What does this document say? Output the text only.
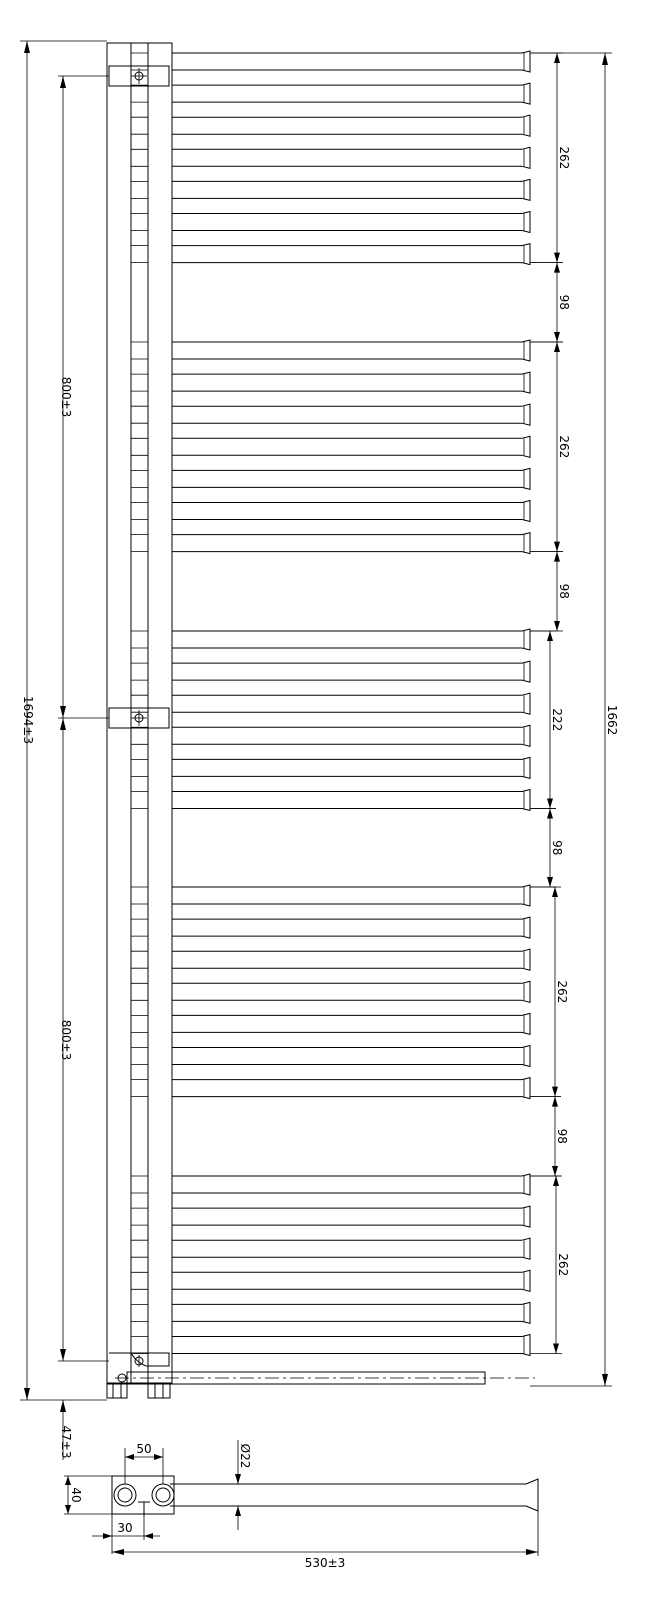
1694±3
800±3
800±3
47±3
1662
262
98
262
98
222
98
262
98
262
50	Ø22
40
30
530±3
